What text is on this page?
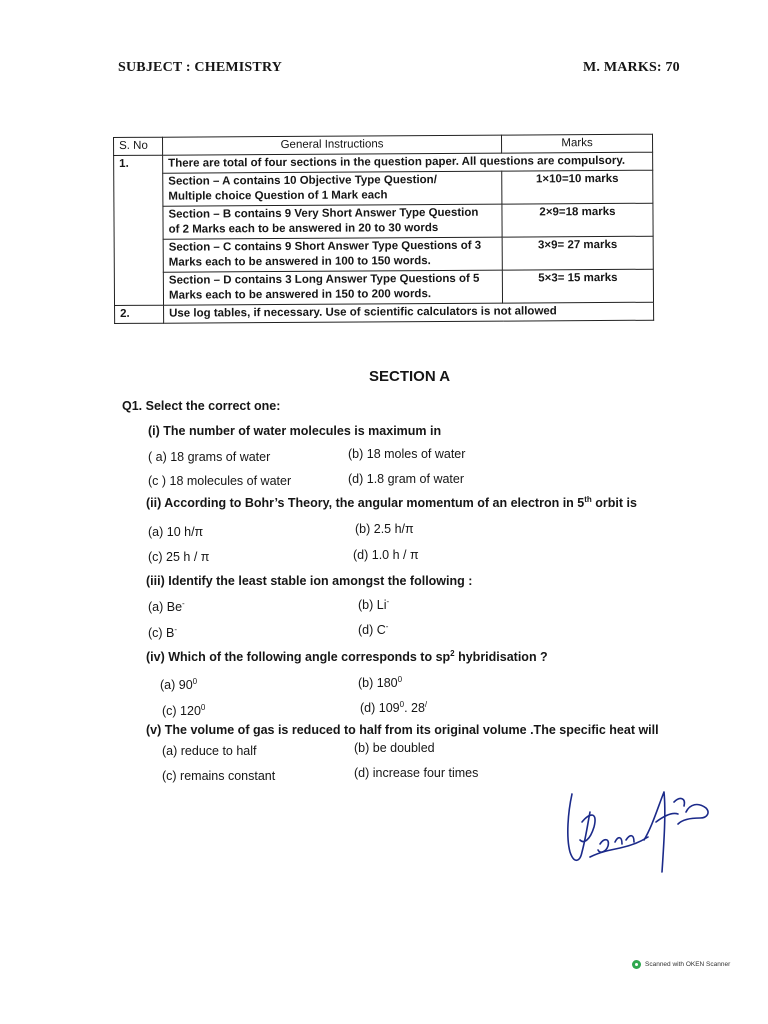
SUBJECT : CHEMISTRY	M. MARKS: 70
S. No	General Instructions	Marks
1.	There are total of four sections in the question paper. All questions are compulsory.	
	Section – A contains 10 Objective Type Question/
Multiple choice Question of 1 Mark each	1×10=10 marks
	Section – B contains 9 Very Short Answer Type Question
of 2 Marks each to be answered in 20 to 30 words	2×9=18 marks
	Section – C contains 9 Short Answer Type Questions of 3
Marks each to be answered in 100 to 150 words.	3×9= 27 marks
	Section – D contains 3 Long Answer Type Questions of 5
Marks each to be answered in 150 to 200 words.	5×3= 15 marks
2.	Use log tables, if necessary. Use of scientific calculators is not allowed	
SECTION A
Q1. Select the correct one:
(i) The number of water molecules is maximum in
( a) 18 grams of water	(b) 18 moles of water
(c ) 18 molecules of water	(d) 1.8 gram of water
(ii) According to Bohr’s Theory, the angular momentum of an electron in 5th orbit is
(a) 10 h/π	(b) 2.5 h/π
(c) 25 h / π	(d) 1.0 h / π
(iii) Identify the least stable ion amongst the following :
(a) Be-	(b) Li-
(c) B-	(d) C-
(iv) Which of the following angle corresponds to $sp^2$ hybridisation ?
(a) $90^0$	(b) $180^0$
(c) $120^0$	(d) $109^0$. 28/
(v) The volume of gas is reduced to half from its original volume .The specific heat will
(a) reduce to half	(b) be doubled
(c) remains constant	(d) increase four times
Scanned with OKEN Scanner
